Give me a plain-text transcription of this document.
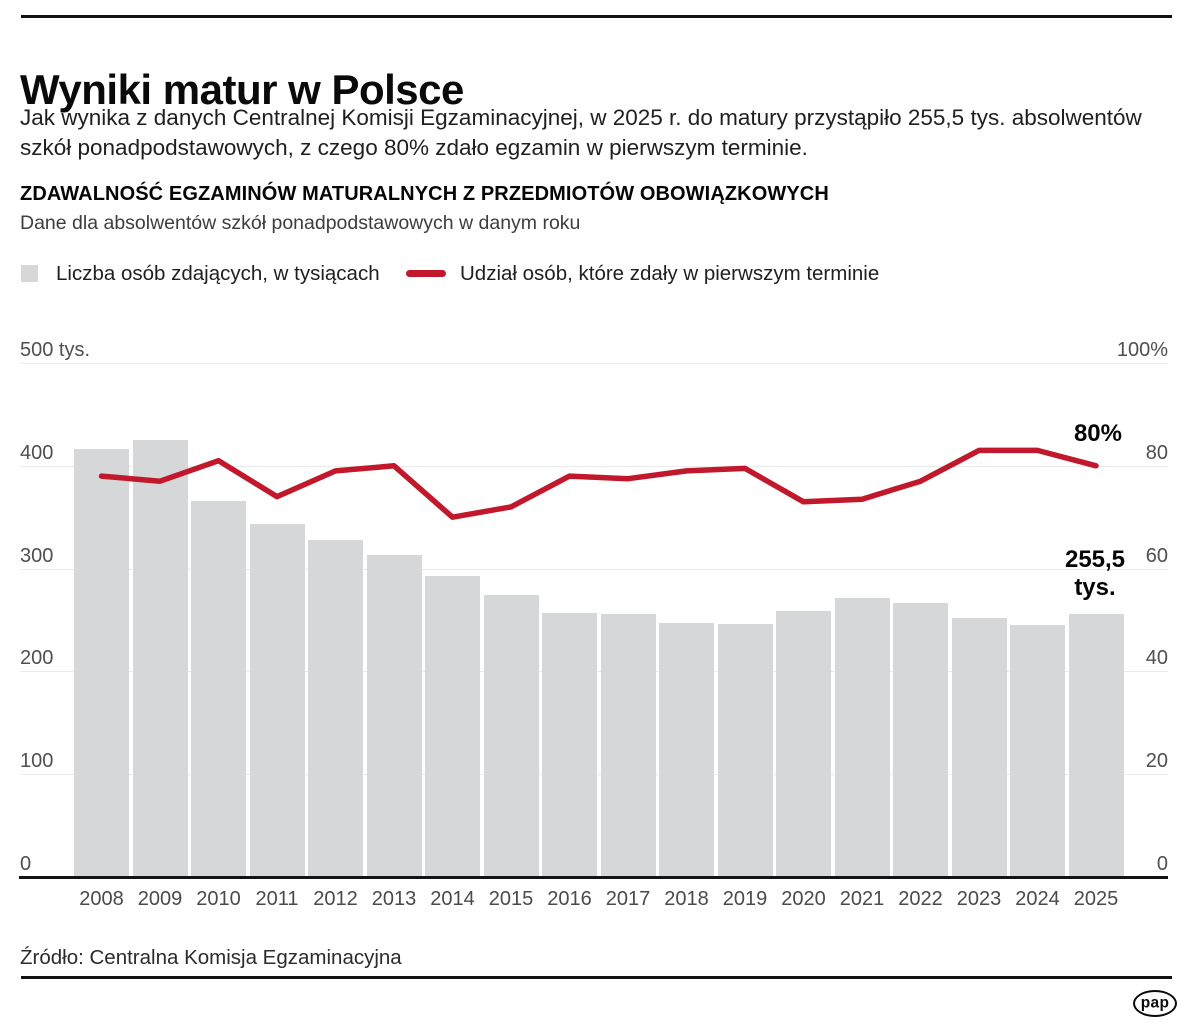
Wyniki matur w Polsce
Jak wynika z danych Centralnej Komisji Egzaminacyjnej, w 2025 r. do matury przystąpiło 255,5 tys. absolwentów
szkół ponadpodstawowych, z czego 80% zdało egzamin w pierwszym terminie.
ZDAWALNOŚĆ EGZAMINÓW MATURALNYCH Z PRZEDMIOTÓW OBOWIĄZKOWYCH
Dane dla absolwentów szkół ponadpodstawowych w danym roku
Liczba osób zdających, w tysiącach	Udział osób, które zdały w pierwszym terminie
500 tys.	100%
400	80
300	60
200	40
100	20
0	0
2008 2009 2010 2011 2012 2013 2014 2015 2016 2017 2018 2019 2020 2021 2022 2023 2024 2025
80%
255,5
tys.
Źródło: Centralna Komisja Egzaminacyjna
pap
